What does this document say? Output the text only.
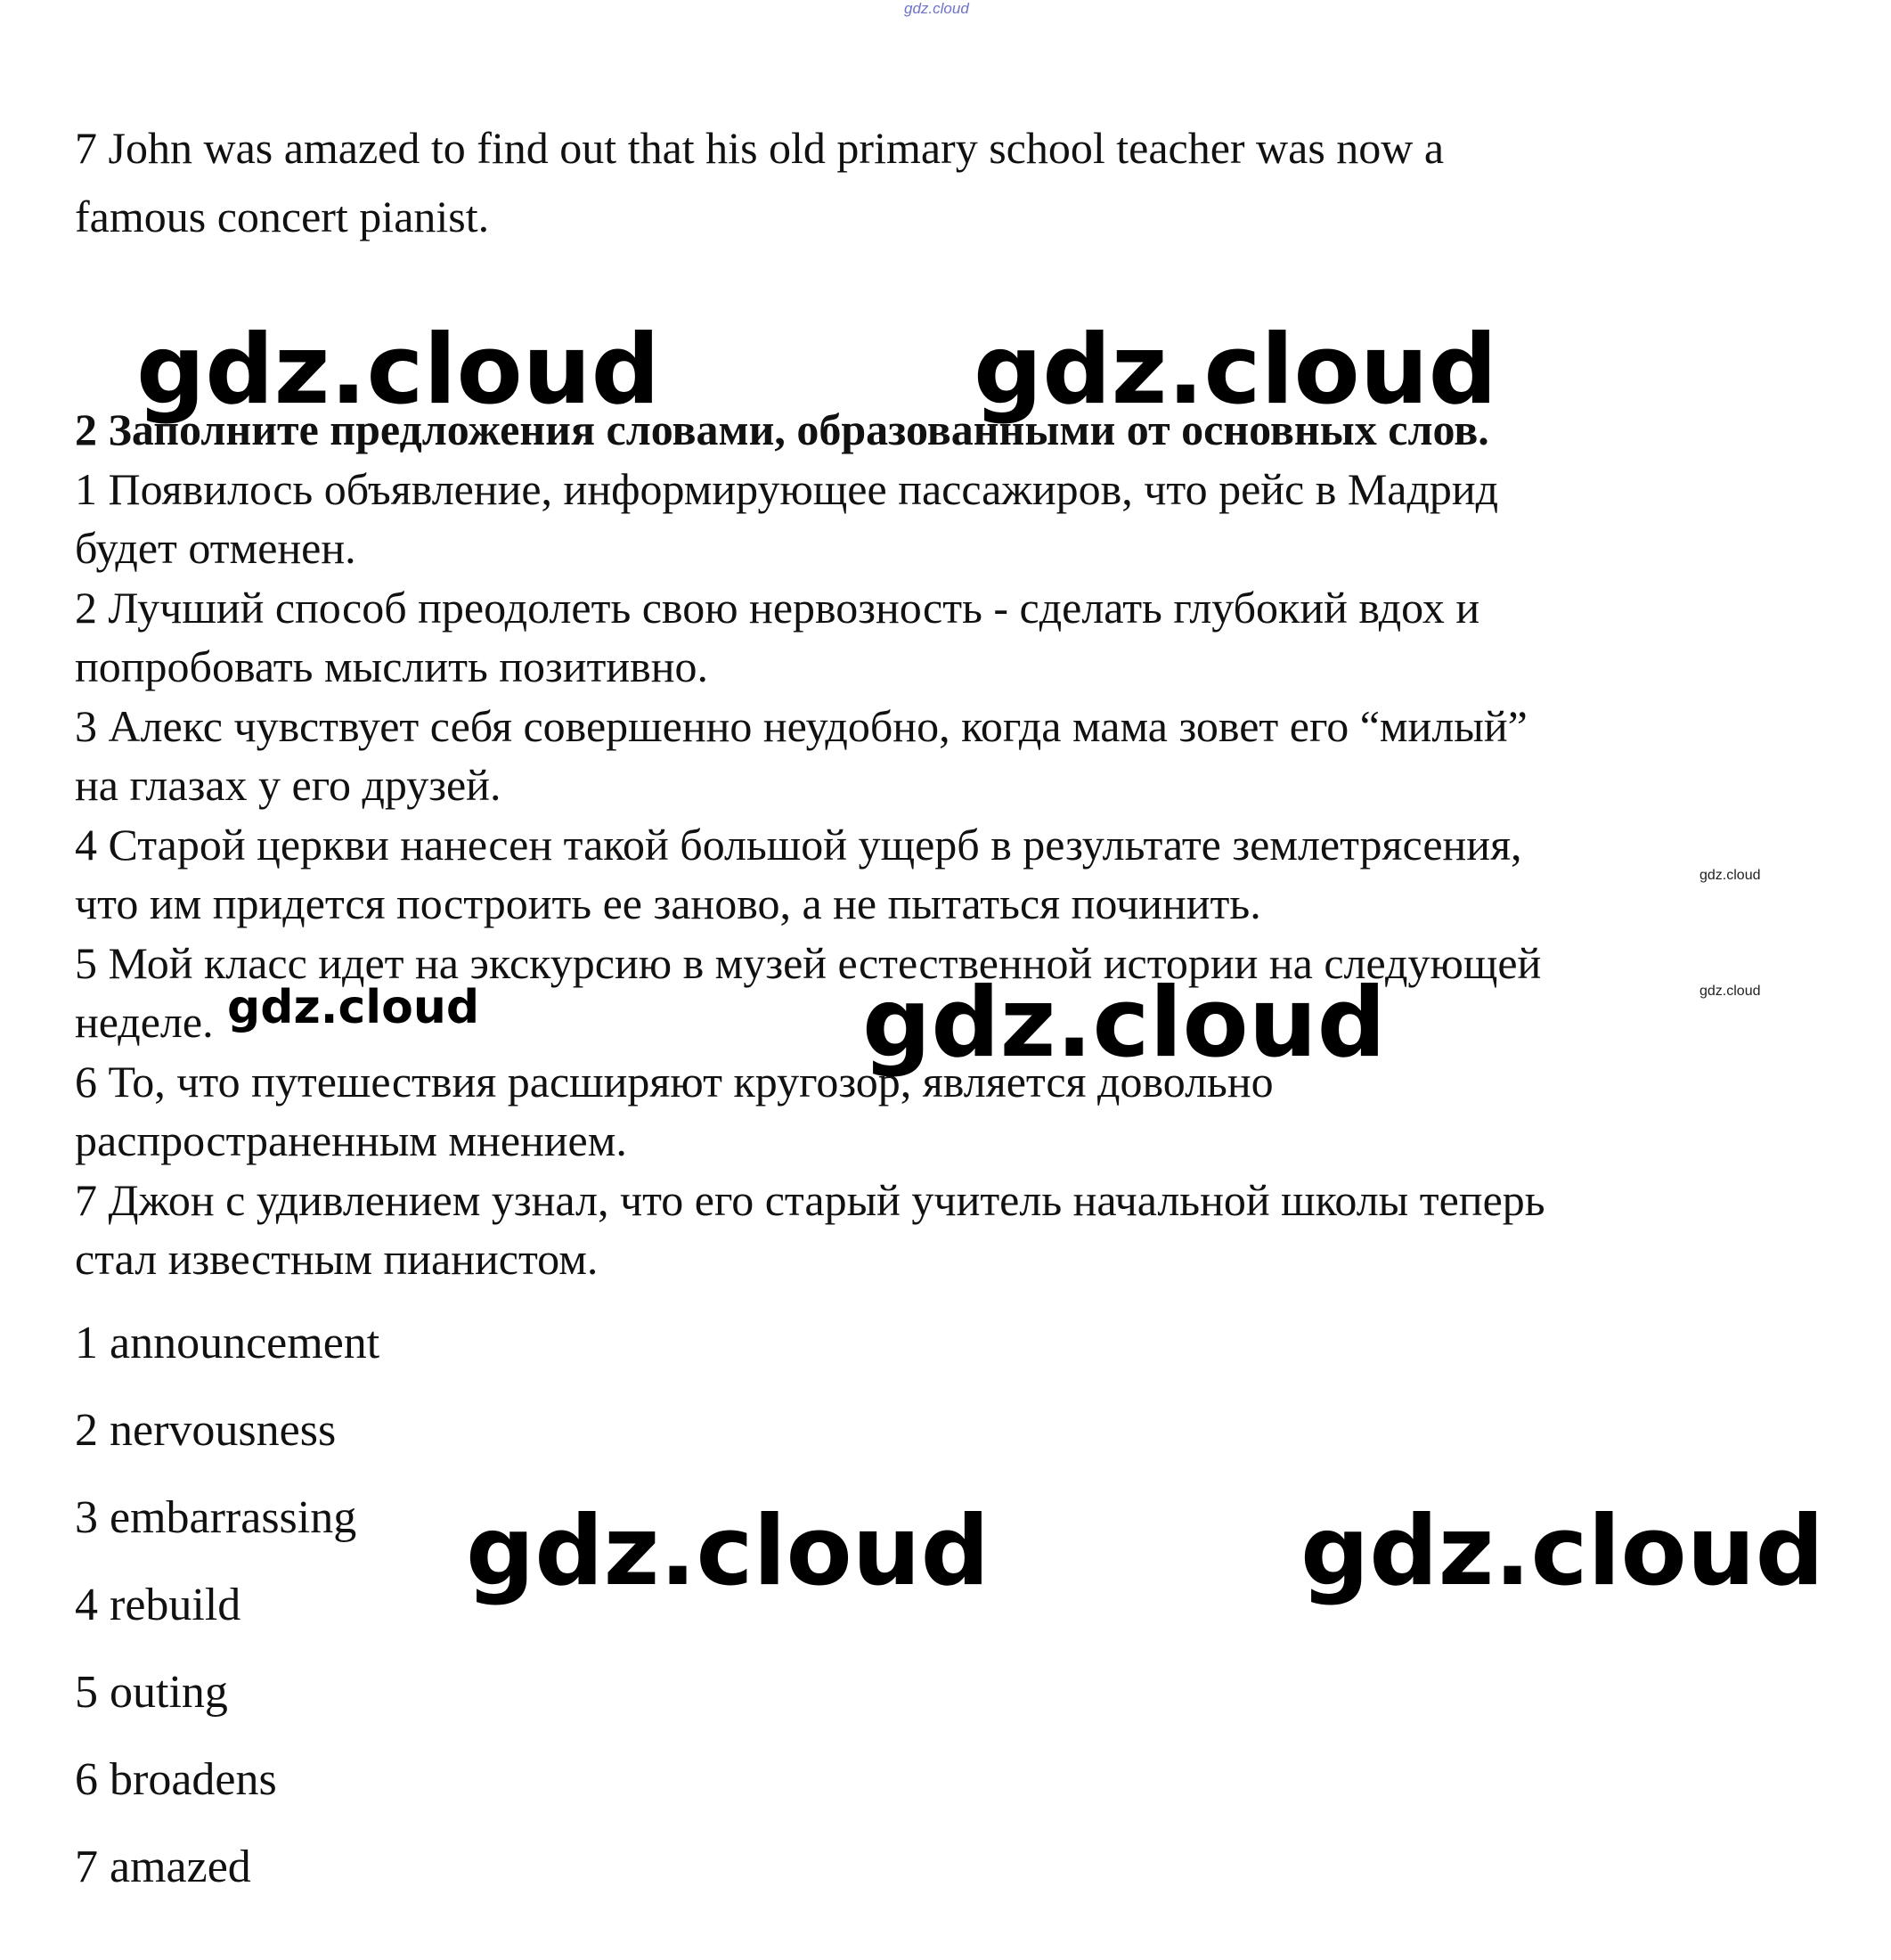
gdz.cloud
7 John was amazed to find out that his old primary school teacher was now a
famous concert pianist.
2 Заполните предложения словами, образованными от основных слов.
1 Появилось объявление, информирующее пассажиров, что рейс в Мадрид
будет отменен.
2 Лучший способ преодолеть свою нервозность - сделать глубокий вдох и
попробовать мыслить позитивно.
3 Алекс чувствует себя совершенно неудобно, когда мама зовет его “милый”
на глазах у его друзей.
4 Старой церкви нанесен такой большой ущерб в результате землетрясения,
что им придется построить ее заново, а не пытаться починить.
5 Мой класс идет на экскурсию в музей естественной истории на следующей
неделе.
6 То, что путешествия расширяют кругозор, является довольно
распространенным мнением.
7 Джон с удивлением узнал, что его старый учитель начальной школы теперь
стал известным пианистом.
1 announcement
2 nervousness
3 embarrassing
4 rebuild
5 outing
6 broadens
7 amazed
gdz.cloud	gdz.cloud
gdz.cloud
gdz.cloud	gdz.cloud
gdz.cloud
gdz.cloud
gdz.cloud
